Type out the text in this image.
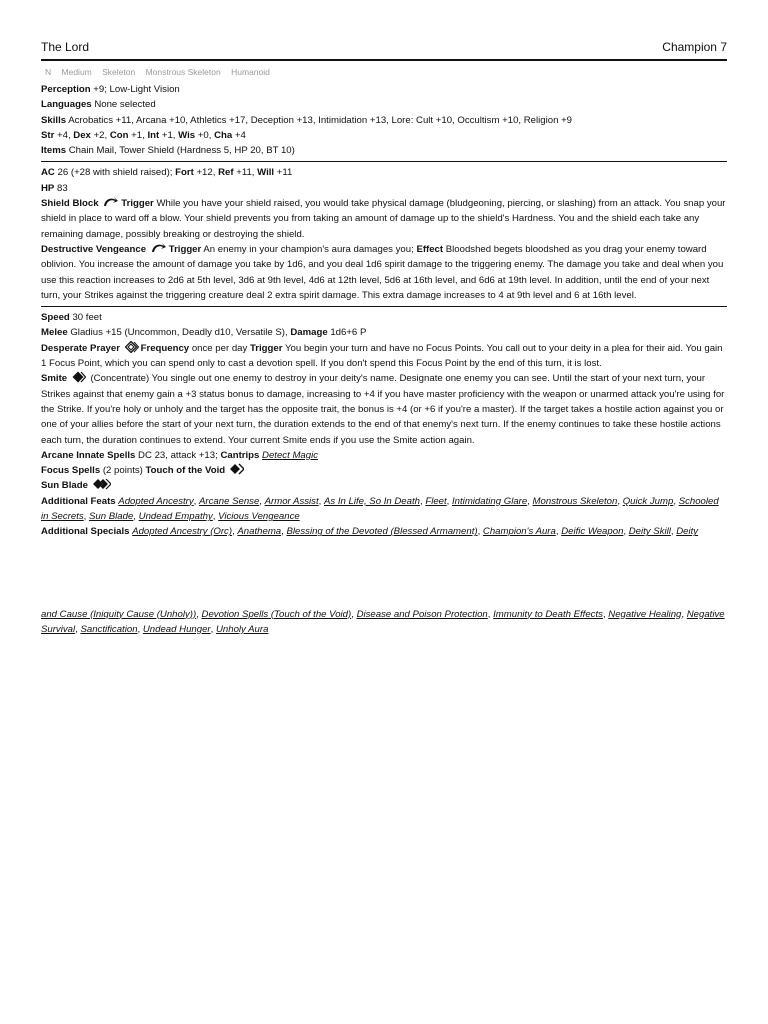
The Lord	Champion 7
N Medium Skeleton Monstrous Skeleton Humanoid
Perception +9; Low-Light Vision
Languages None selected
Skills Acrobatics +11, Arcana +10, Athletics +17, Deception +13, Intimidation +13, Lore: Cult +10, Occultism +10, Religion +9
Str +4, Dex +2, Con +1, Int +1, Wis +0, Cha +4
Items Chain Mail, Tower Shield (Hardness 5, HP 20, BT 10)
AC 26 (+28 with shield raised); Fort +12, Ref +11, Will +11
HP 83
Shield Block Trigger While you have your shield raised, you would take physical damage (bludgeoning, piercing, or slashing) from an attack. You snap your shield in place to ward off a blow. Your shield prevents you from taking an amount of damage up to the shield's Hardness. You and the shield each take any remaining damage, possibly breaking or destroying the shield.
Destructive Vengeance Trigger An enemy in your champion's aura damages you; Effect Bloodshed begets bloodshed as you drag your enemy toward oblivion. You increase the amount of damage you take by 1d6, and you deal 1d6 spirit damage to the triggering enemy. The damage you take and deal when you use this reaction increases to 2d6 at 5th level, 3d6 at 9th level, 4d6 at 12th level, 5d6 at 16th level, and 6d6 at 19th level. In addition, until the end of your next turn, your Strikes against the triggering creature deal 2 extra spirit damage. This extra damage increases to 4 at 9th level and 6 at 16th level.
Speed 30 feet
Melee Gladius +15 (Uncommon, Deadly d10, Versatile S), Damage 1d6+6 P
Desperate Prayer Frequency once per day Trigger You begin your turn and have no Focus Points. You call out to your deity in a plea for their aid. You gain 1 Focus Point, which you can spend only to cast a devotion spell. If you don't spend this Focus Point by the end of this turn, it is lost.
Smite (Concentrate) You single out one enemy to destroy in your deity's name. Designate one enemy you can see. Until the start of your next turn, your Strikes against that enemy gain a +3 status bonus to damage, increasing to +4 if you have master proficiency with the weapon or unarmed attack you're using for the Strike. If you're holy or unholy and the target has the opposite trait, the bonus is +4 (or +6 if you're a master). If the target takes a hostile action against you or one of your allies before the start of your next turn, the duration extends to the end of that enemy's next turn. If the enemy continues to take these hostile actions each turn, the duration continues to extend. Your current Smite ends if you use the Smite action again.
Arcane Innate Spells DC 23, attack +13; Cantrips Detect Magic
Focus Spells (2 points) Touch of the Void
Sun Blade
Additional Feats Adopted Ancestry, Arcane Sense, Armor Assist, As In Life, So In Death, Fleet, Intimidating Glare, Monstrous Skeleton, Quick Jump, Schooled in Secrets, Sun Blade, Undead Empathy, Vicious Vengeance
Additional Specials Adopted Ancestry (Orc), Anathema, Blessing of the Devoted (Blessed Armament), Champion's Aura, Deific Weapon, Deity Skill, Deity
and Cause (Iniquity Cause (Unholy)), Devotion Spells (Touch of the Void), Disease and Poison Protection, Immunity to Death Effects, Negative Healing, Negative Survival, Sanctification, Undead Hunger, Unholy Aura
